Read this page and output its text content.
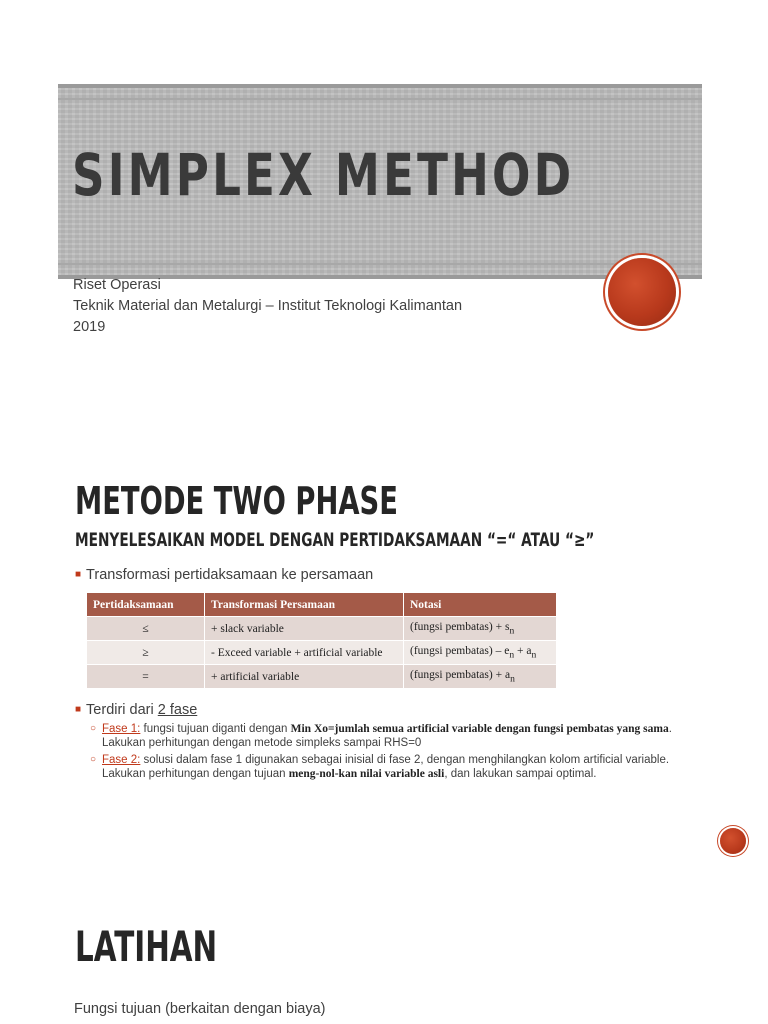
SIMPLEX METHOD
Riset Operasi
Teknik Material dan Metalurgi – Institut Teknologi Kalimantan
2019
METODE TWO PHASE
MENYELESAIKAN MODEL DENGAN PERTIDAKSAMAAN “=“ ATAU “≥”
■ Transformasi pertidaksamaan ke persamaan
Pertidaksamaan	Transformasi Persamaan	Notasi
≤	+ slack variable	(fungsi pembatas) + $s_n$
≥	- Exceed variable + artificial variable	(fungsi pembatas) – $e_n + a_n$
=	+ artificial variable	(fungsi pembatas) + $a_n$
■ Terdiri dari 2 fase
○ Fase 1: fungsi tujuan diganti dengan Min Xo=jumlah semua artificial variable dengan fungsi pembatas yang sama. Lakukan perhitungan dengan metode simpleks sampai RHS=0
○ Fase 2: solusi dalam fase 1 digunakan sebagai inisial di fase 2, dengan menghilangkan kolom artificial variable. Lakukan perhitungan dengan tujuan meng-nol-kan nilai variable asli, dan lakukan sampai optimal.
LATIHAN
Fungsi tujuan (berkaitan dengan biaya)
